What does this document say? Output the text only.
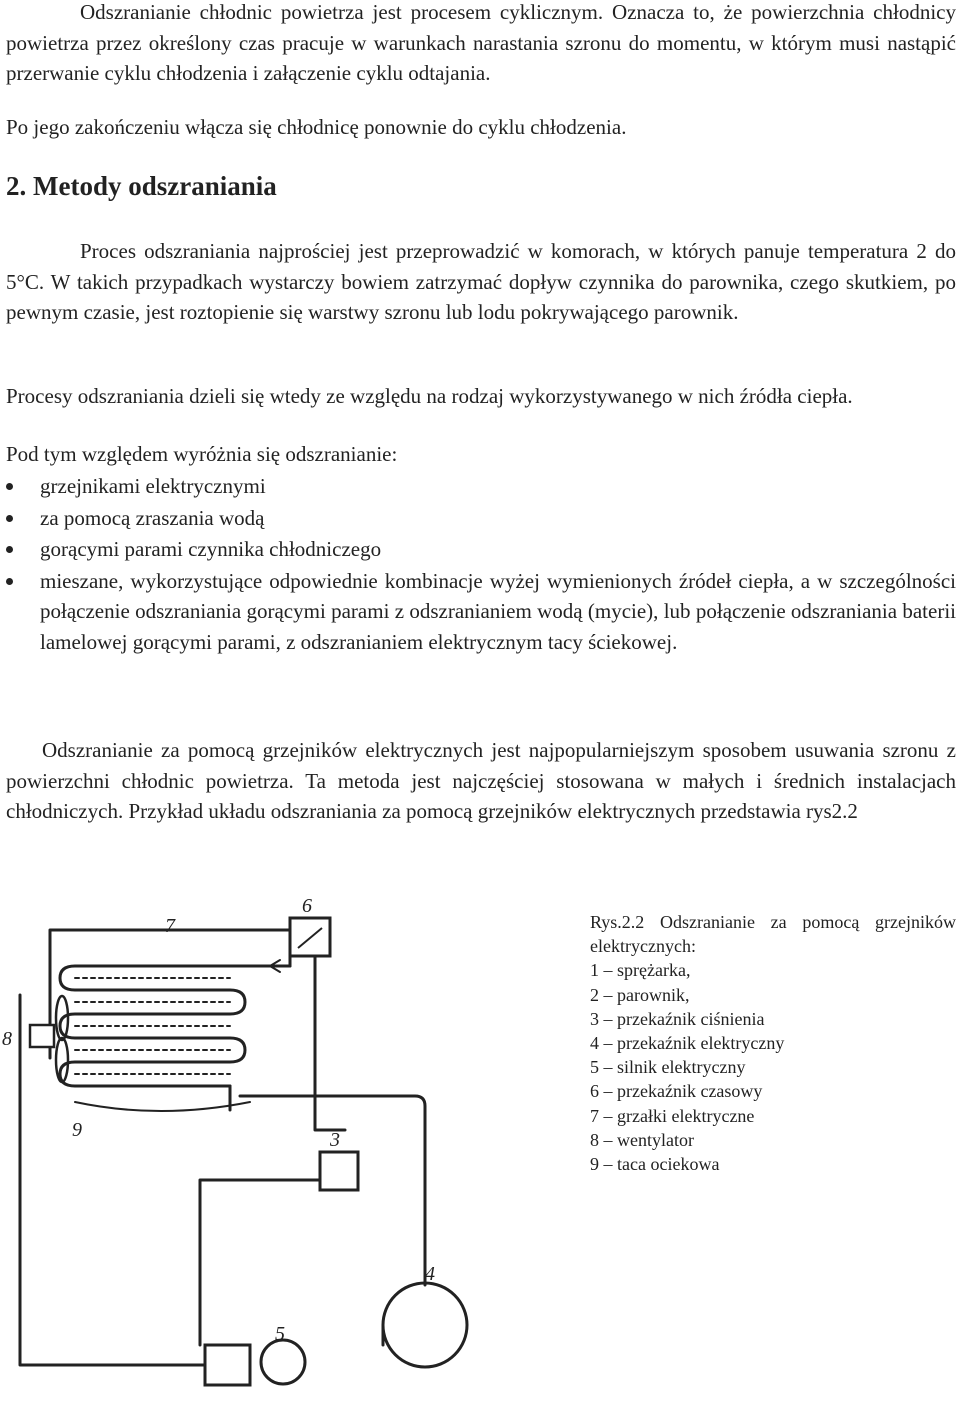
Odszranianie chłodnic powietrza jest procesem cyklicznym. Oznacza to, że powierzchnia chłodnicy powietrza przez określony czas pracuje w warunkach narastania szronu do momentu, w którym musi nastąpić przerwanie cyklu chłodzenia i załączenie cyklu odtajania.

Po jego zakończeniu włącza się chłodnicę ponownie do cyklu chłodzenia.

2. Metody odszraniania

Proces odszraniania najprościej jest przeprowadzić w komorach, w których panuje temperatura 2 do 5°C. W takich przypadkach wystarczy bowiem zatrzymać dopływ czynnika do parownika, czego skutkiem, po pewnym czasie, jest roztopienie się warstwy szronu lub lodu pokrywającego parownik.

Procesy odszraniania dzieli się wtedy ze względu na rodzaj wykorzystywanego w nich źródła ciepła.

Pod tym względem wyróżnia się odszranianie:

grzejnikami elektrycznymi
za pomocą zraszania wodą
gorącymi parami czynnika chłodniczego
mieszane, wykorzystujące odpowiednie kombinacje wyżej wymienionych źródeł ciepła, a w szczególności połączenie odszraniania gorącymi parami z odszranianiem wodą (mycie), lub połączenie odszraniania baterii lamelowej gorącymi parami, z odszranianiem elektrycznym tacy ściekowej.

Odszranianie za pomocą grzejników elektrycznych jest najpopularniejszym sposobem usuwania szronu z powierzchni chłodnic powietrza. Ta metoda jest najczęściej stosowana w małych i średnich instalacjach chłodniczych. Przykład układu odszraniania za pomocą grzejników elektrycznych przedstawia rys2.2

6
7
8
9	3
4
5
Rys.2.2 Odszranianie za pomocą grzejników elektrycznych:
1 – sprężarka,
2 – parownik,
3 – przekaźnik ciśnienia
4 – przekaźnik elektryczny
5 – silnik elektryczny
6 – przekaźnik czasowy
7 – grzałki elektryczne
8 – wentylator
9 – taca ociekowa
